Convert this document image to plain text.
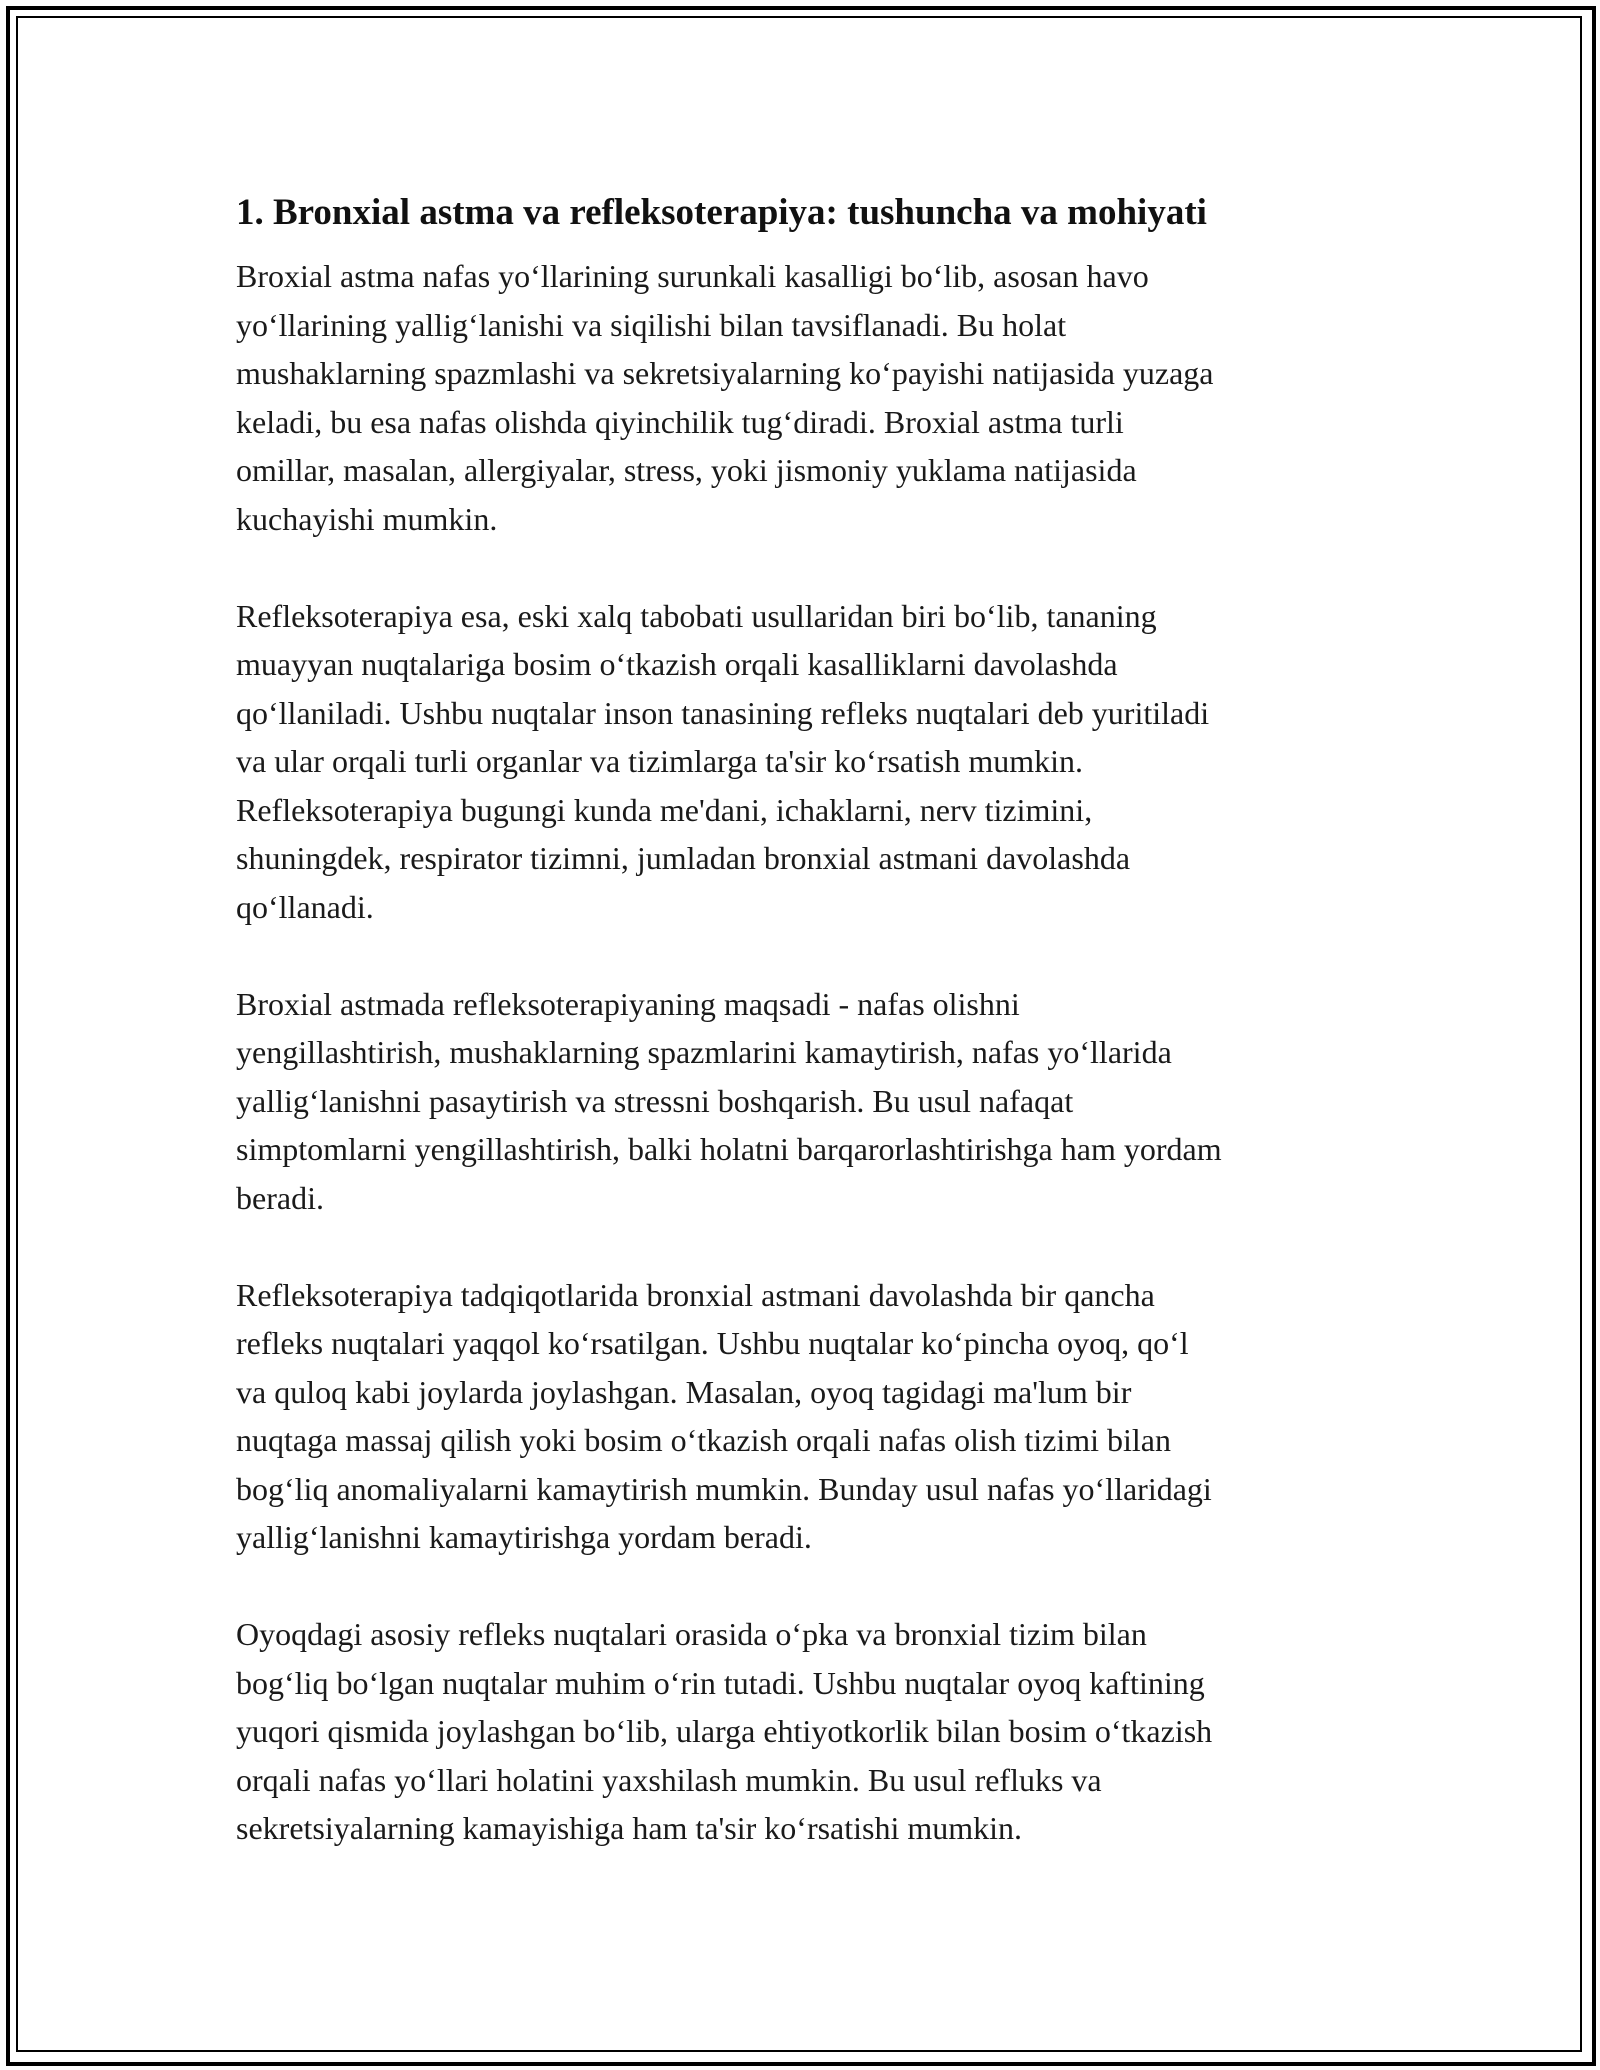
1. Bronxial astma va refleksoterapiya: tushuncha va mohiyati

Broxial astma nafas yo‘llarining surunkali kasalligi bo‘lib, asosan havo
yo‘llarining yallig‘lanishi va siqilishi bilan tavsiflanadi. Bu holat
mushaklarning spazmlashi va sekretsiyalarning ko‘payishi natijasida yuzaga
keladi, bu esa nafas olishda qiyinchilik tug‘diradi. Broxial astma turli
omillar, masalan, allergiyalar, stress, yoki jismoniy yuklama natijasida
kuchayishi mumkin.

Refleksoterapiya esa, eski xalq tabobati usullaridan biri bo‘lib, tananing
muayyan nuqtalariga bosim o‘tkazish orqali kasalliklarni davolashda
qo‘llaniladi. Ushbu nuqtalar inson tanasining refleks nuqtalari deb yuritiladi
va ular orqali turli organlar va tizimlarga ta'sir ko‘rsatish mumkin.
Refleksoterapiya bugungi kunda me'dani, ichaklarni, nerv tizimini,
shuningdek, respirator tizimni, jumladan bronxial astmani davolashda
qo‘llanadi.

Broxial astmada refleksoterapiyaning maqsadi - nafas olishni
yengillashtirish, mushaklarning spazmlarini kamaytirish, nafas yo‘llarida
yallig‘lanishni pasaytirish va stressni boshqarish. Bu usul nafaqat
simptomlarni yengillashtirish, balki holatni barqarorlashtirishga ham yordam
beradi.

Refleksoterapiya tadqiqotlarida bronxial astmani davolashda bir qancha
refleks nuqtalari yaqqol ko‘rsatilgan. Ushbu nuqtalar ko‘pincha oyoq, qo‘l
va quloq kabi joylarda joylashgan. Masalan, oyoq tagidagi ma'lum bir
nuqtaga massaj qilish yoki bosim o‘tkazish orqali nafas olish tizimi bilan
bog‘liq anomaliyalarni kamaytirish mumkin. Bunday usul nafas yo‘llaridagi
yallig‘lanishni kamaytirishga yordam beradi.

Oyoqdagi asosiy refleks nuqtalari orasida o‘pka va bronxial tizim bilan
bog‘liq bo‘lgan nuqtalar muhim o‘rin tutadi. Ushbu nuqtalar oyoq kaftining
yuqori qismida joylashgan bo‘lib, ularga ehtiyotkorlik bilan bosim o‘tkazish
orqali nafas yo‘llari holatini yaxshilash mumkin. Bu usul refluks va
sekretsiyalarning kamayishiga ham ta'sir ko‘rsatishi mumkin.
